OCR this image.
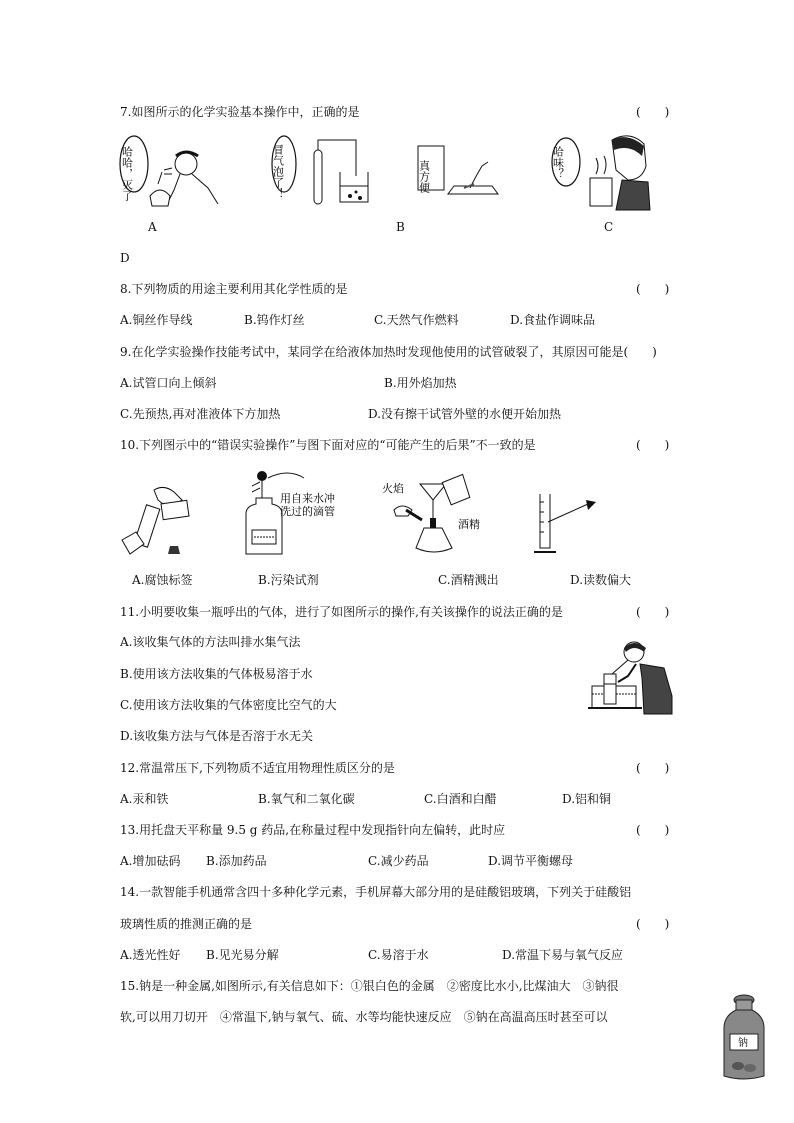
7.如图所示的化学实验基本操作中，正确的是	(　　)
哈哈，灭了	冒气泡了！	真方便	哈味？
A	B	C
D
8.下列物质的用途主要利用其化学性质的是	(　　)
A.铜丝作导线	B.钨作灯丝	C.天然气作燃料	D.食盐作调味品
9.在化学实验操作技能考试中，某同学在给液体加热时发现他使用的试管破裂了，其原因可能是(　　)
A.试管口向上倾斜	B.用外焰加热
C.先预热,再对准液体下方加热	D.没有擦干试管外壁的水便开始加热
10.下列图示中的“错误实验操作”与图下面对应的“可能产生的后果”不一致的是	(　　)
用自来水冲洗过的滴管
火焰
酒精
A.腐蚀标签	B.污染试剂	C.酒精溅出	D.读数偏大
11.小明要收集一瓶呼出的气体，进行了如图所示的操作,有关该操作的说法正确的是	(　　)
A.该收集气体的方法叫排水集气法
B.使用该方法收集的气体极易溶于水
C.使用该方法收集的气体密度比空气的大
D.该收集方法与气体是否溶于水无关
12.常温常压下,下列物质不适宜用物理性质区分的是	(　　)
A.汞和铁	B.氧气和二氧化碳	C.白酒和白醋	D.铝和铜
13.用托盘天平称量 9.5 g 药品,在称量过程中发现指针向左偏转，此时应	(　　)
A.增加砝码 B.添加药品	C.减少药品	D.调节平衡螺母
14.一款智能手机通常含四十多种化学元素，手机屏幕大部分用的是硅酸铝玻璃，下列关于硅酸铝
玻璃性质的推测正确的是	(　　)
A.透光性好 B.见光易分解	C.易溶于水	D.常温下易与氧气反应
15.钠是一种金属,如图所示,有关信息如下：①银白色的金属　②密度比水小,比煤油大　③钠很
软,可以用刀切开　④常温下,钠与氧气、硫、水等均能快速反应　⑤钠在高温高压时甚至可以
钠
